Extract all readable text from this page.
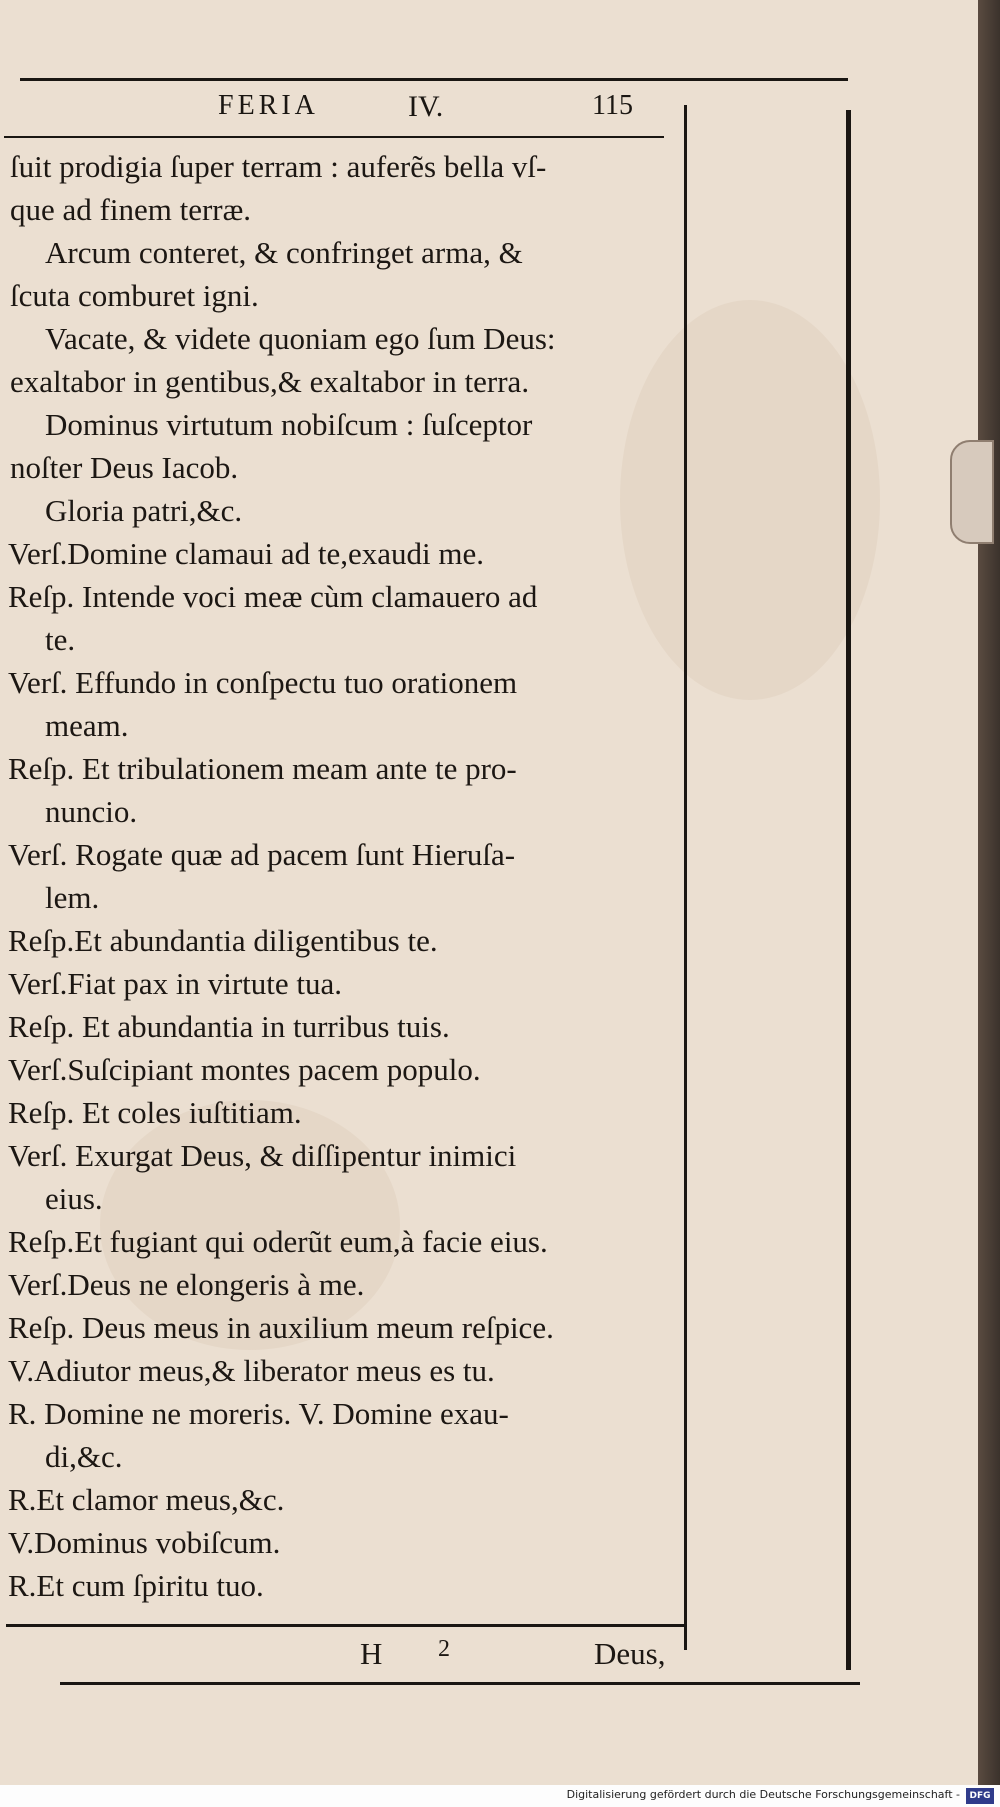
FERIA	IV.	115
ſuit prodigia ſuper terram : auferẽs bella vſ-
que ad finem terræ.
Arcum conteret, & confringet arma, &
ſcuta comburet igni.
Vacate, & videte quoniam ego ſum Deus:
exaltabor in gentibus,& exaltabor in terra.
Dominus virtutum nobiſcum : ſuſceptor
noſter Deus Iacob.
Gloria patri,&c.
Verſ.Domine clamaui ad te,exaudi me.
Reſp. Intende voci meæ cùm clamauero ad
te.
Verſ. Effundo in conſpectu tuo orationem
meam.
Reſp. Et tribulationem meam ante te pro-
nuncio.
Verſ. Rogate quæ ad pacem ſunt Hieruſa-
lem.
Reſp.Et abundantia diligentibus te.
Verſ.Fiat pax in virtute tua.
Reſp. Et abundantia in turribus tuis.
Verſ.Suſcipiant montes pacem populo.
Reſp. Et coles iuſtitiam.
Verſ. Exurgat Deus, & diſſipentur inimici
eius.
Reſp.Et fugiant qui oderũt eum,à facie eius.
Verſ.Deus ne elongeris à me.
Reſp. Deus meus in auxilium meum reſpice.
V.Adiutor meus,& liberator meus es tu.
R. Domine ne moreris. V. Domine exau-
di,&c.
R.Et clamor meus,&c.
V.Dominus vobiſcum.
R.Et cum ſpiritu tuo.
H 2	Deus,
Digitalisierung gefördert durch die Deutsche Forschungsgemeinschaft -	DFG
